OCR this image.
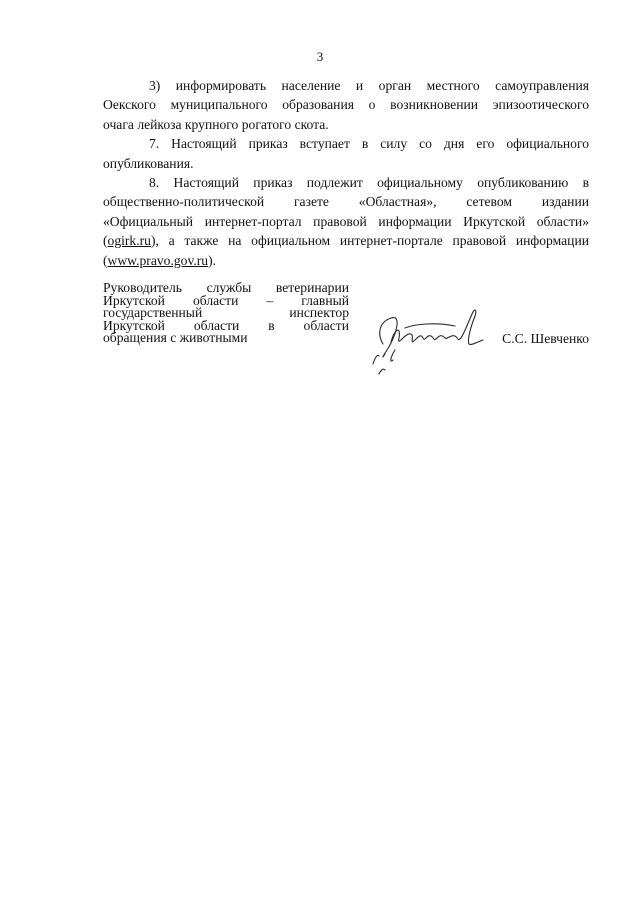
3

3) информировать население и орган местного самоуправления
Оекского муниципального образования о возникновении эпизоотического
очага лейкоза крупного рогатого скота.

7. Настоящий приказ вступает в силу со дня его официального
опубликования.

8. Настоящий приказ подлежит официальному опубликованию в
общественно-политической газете «Областная», сетевом издании
«Официальный интернет-портал правовой информации Иркутской области»
(ogirk.ru), а также на официальном интернет-портале правовой информации
(www.pravo.gov.ru).

Руководитель службы ветеринарии
Иркутской области – главный
государственный инспектор
Иркутской области в области
обращения с животными	С.С. Шевченко
